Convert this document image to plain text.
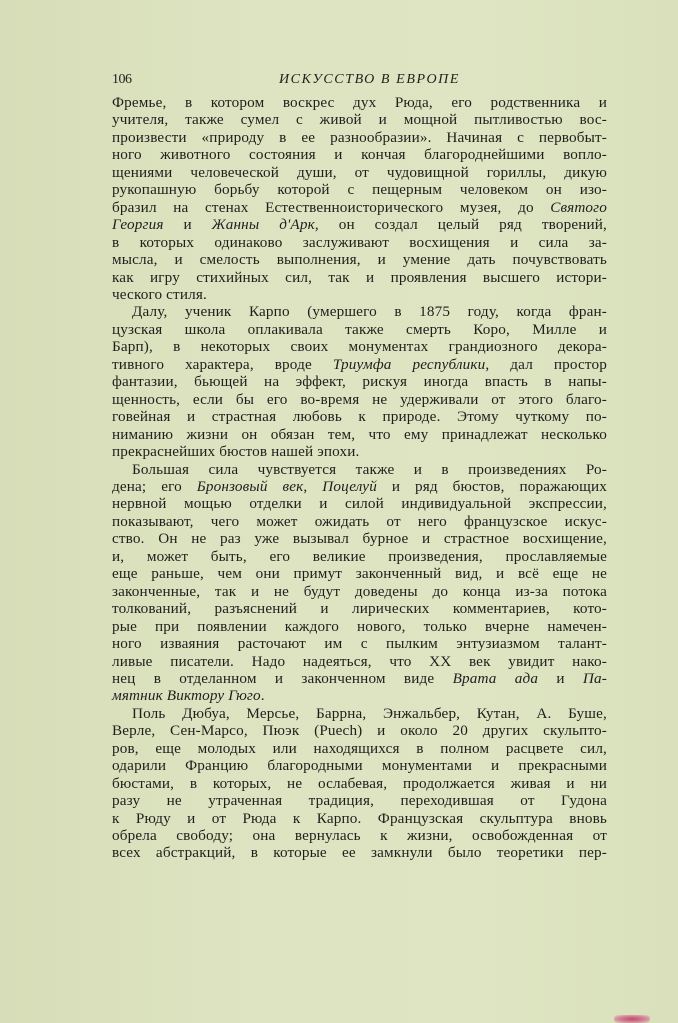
106	ИСКУССТВО В ЕВРОПЕ
Фремье, в котором воскрес дух Рюда, его родственника и
учителя, также сумел с живой и мощной пытливостью вос-
произвести «природу в ее разнообразии». Начиная с первобыт-
ного животного состояния и кончая благороднейшими вопло-
щениями человеческой души, от чудовищной гориллы, дикую
рукопашную борьбу которой с пещерным человеком он изо-
бразил на стенах Естественноисторического музея, до Святого
Георгия и Жанны д'Арк, он создал целый ряд творений,
в которых одинаково заслуживают восхищения и сила за-
мысла, и смелость выполнения, и умение дать почувствовать
как игру стихийных сил, так и проявления высшего истори-
ческого стиля.
Далу, ученик Карпо (умершего в 1875 году, когда фран-
цузская школа оплакивала также смерть Коро, Милле и
Барп), в некоторых своих монументах грандиозного декора-
тивного характера, вроде Триумфа республики, дал простор
фантазии, бьющей на эффект, рискуя иногда впасть в напы-
щенность, если бы его во-время не удерживали от этого благо-
говейная и страстная любовь к природе. Этому чуткому по-
ниманию жизни он обязан тем, что ему принадлежат несколько
прекраснейших бюстов нашей эпохи.
Большая сила чувствуется также и в произведениях Ро-
дена; его Бронзовый век, Поцелуй и ряд бюстов, поражающих
нервной мощью отделки и силой индивидуальной экспрессии,
показывают, чего может ожидать от него французское искус-
ство. Он не раз уже вызывал бурное и страстное восхищение,
и, может быть, его великие произведения, прославляемые
еще раньше, чем они примут законченный вид, и всё еще не
законченные, так и не будут доведены до конца из-за потока
толкований, разъяснений и лирических комментариев, кото-
рые при появлении каждого нового, только вчерне намечен-
ного изваяния расточают им с пылким энтузиазмом талант-
ливые писатели. Надо надеяться, что XX век увидит нако-
нец в отделанном и законченном виде Врата ада и Па-
мятник Виктору Гюго.
Поль Дюбуа, Мерсье, Баррна, Энжальбер, Кутан, А. Буше,
Верле, Сен-Марсо, Пюэк (Puech) и около 20 других скульпто-
ров, еще молодых или находящихся в полном расцвете сил,
одарили Францию благородными монументами и прекрасными
бюстами, в которых, не ослабевая, продолжается живая и ни
разу не утраченная традиция, переходившая от Гудона
к Рюду и от Рюда к Карпо. Французская скульптура вновь
обрела свободу; она вернулась к жизни, освобожденная от
всех абстракций, в которые ее замкнули было теоретики пер-
